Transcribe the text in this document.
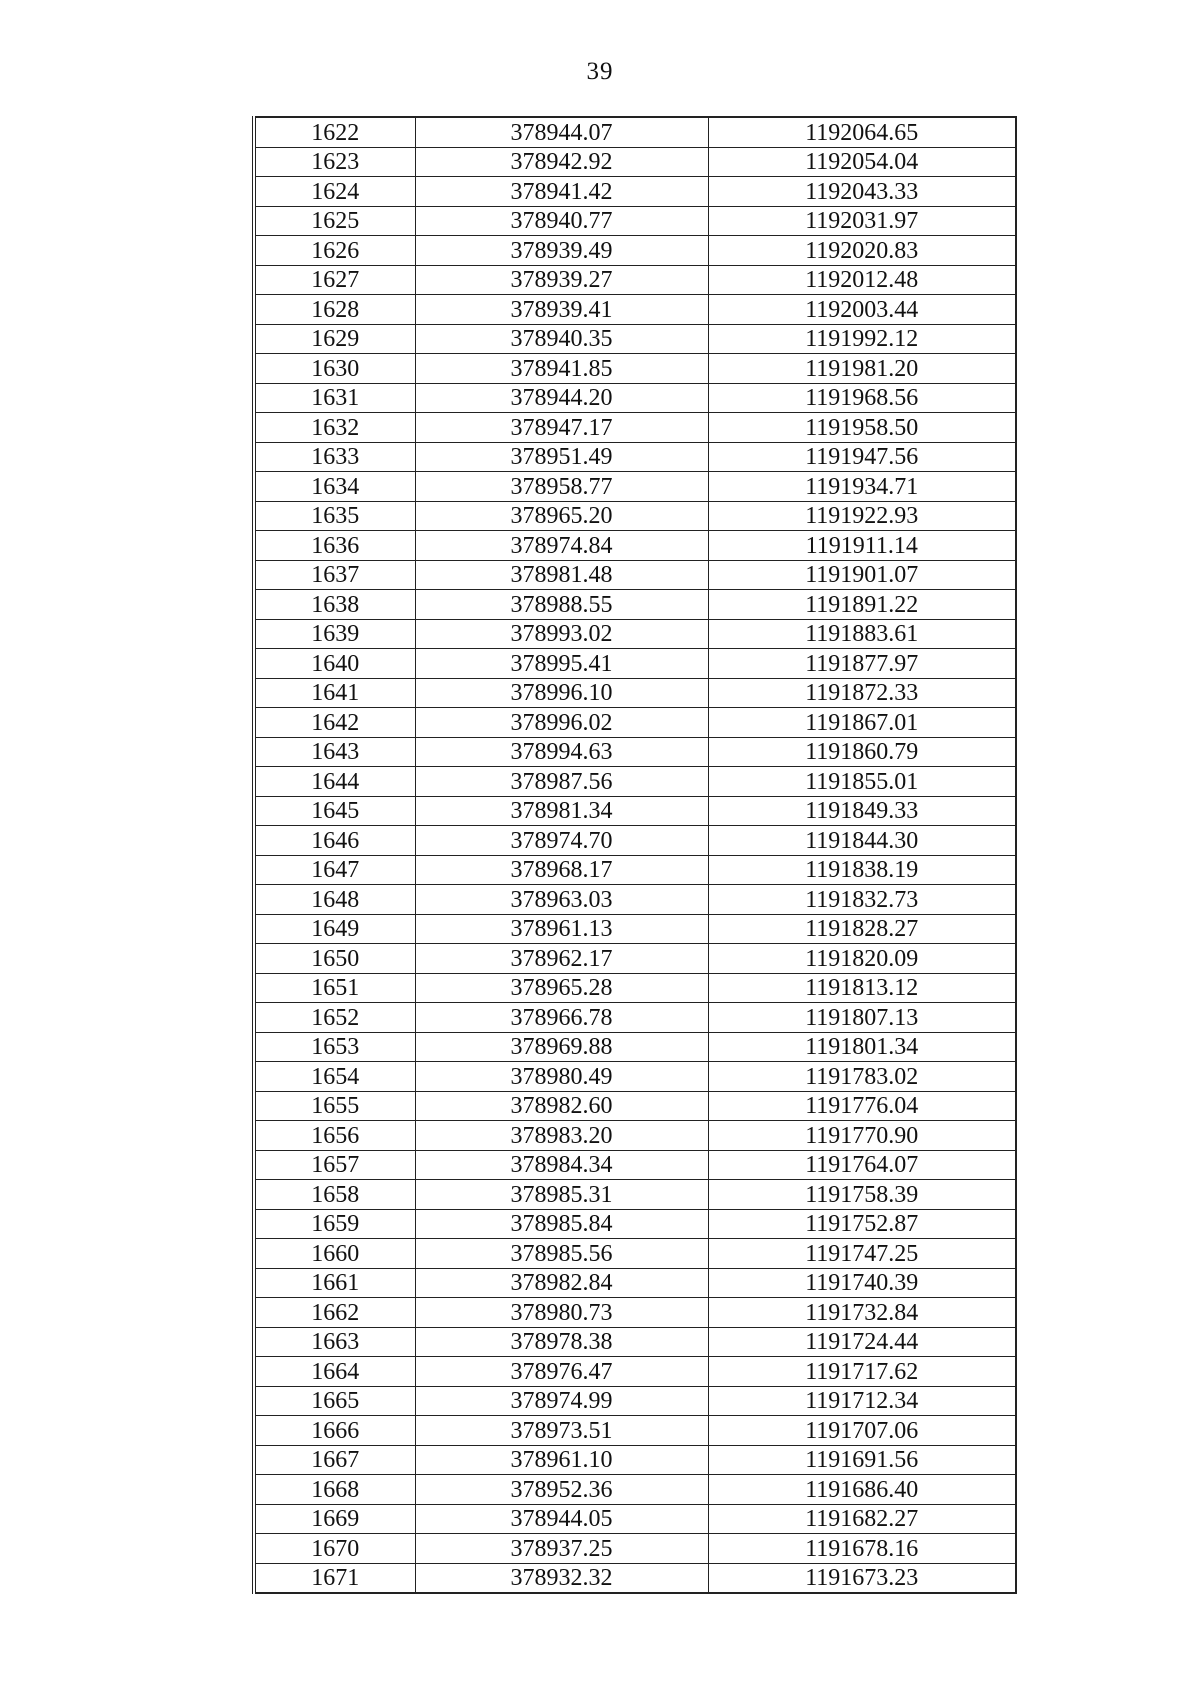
39
1622	378944.07	1192064.65
1623	378942.92	1192054.04
1624	378941.42	1192043.33
1625	378940.77	1192031.97
1626	378939.49	1192020.83
1627	378939.27	1192012.48
1628	378939.41	1192003.44
1629	378940.35	1191992.12
1630	378941.85	1191981.20
1631	378944.20	1191968.56
1632	378947.17	1191958.50
1633	378951.49	1191947.56
1634	378958.77	1191934.71
1635	378965.20	1191922.93
1636	378974.84	1191911.14
1637	378981.48	1191901.07
1638	378988.55	1191891.22
1639	378993.02	1191883.61
1640	378995.41	1191877.97
1641	378996.10	1191872.33
1642	378996.02	1191867.01
1643	378994.63	1191860.79
1644	378987.56	1191855.01
1645	378981.34	1191849.33
1646	378974.70	1191844.30
1647	378968.17	1191838.19
1648	378963.03	1191832.73
1649	378961.13	1191828.27
1650	378962.17	1191820.09
1651	378965.28	1191813.12
1652	378966.78	1191807.13
1653	378969.88	1191801.34
1654	378980.49	1191783.02
1655	378982.60	1191776.04
1656	378983.20	1191770.90
1657	378984.34	1191764.07
1658	378985.31	1191758.39
1659	378985.84	1191752.87
1660	378985.56	1191747.25
1661	378982.84	1191740.39
1662	378980.73	1191732.84
1663	378978.38	1191724.44
1664	378976.47	1191717.62
1665	378974.99	1191712.34
1666	378973.51	1191707.06
1667	378961.10	1191691.56
1668	378952.36	1191686.40
1669	378944.05	1191682.27
1670	378937.25	1191678.16
1671	378932.32	1191673.23
